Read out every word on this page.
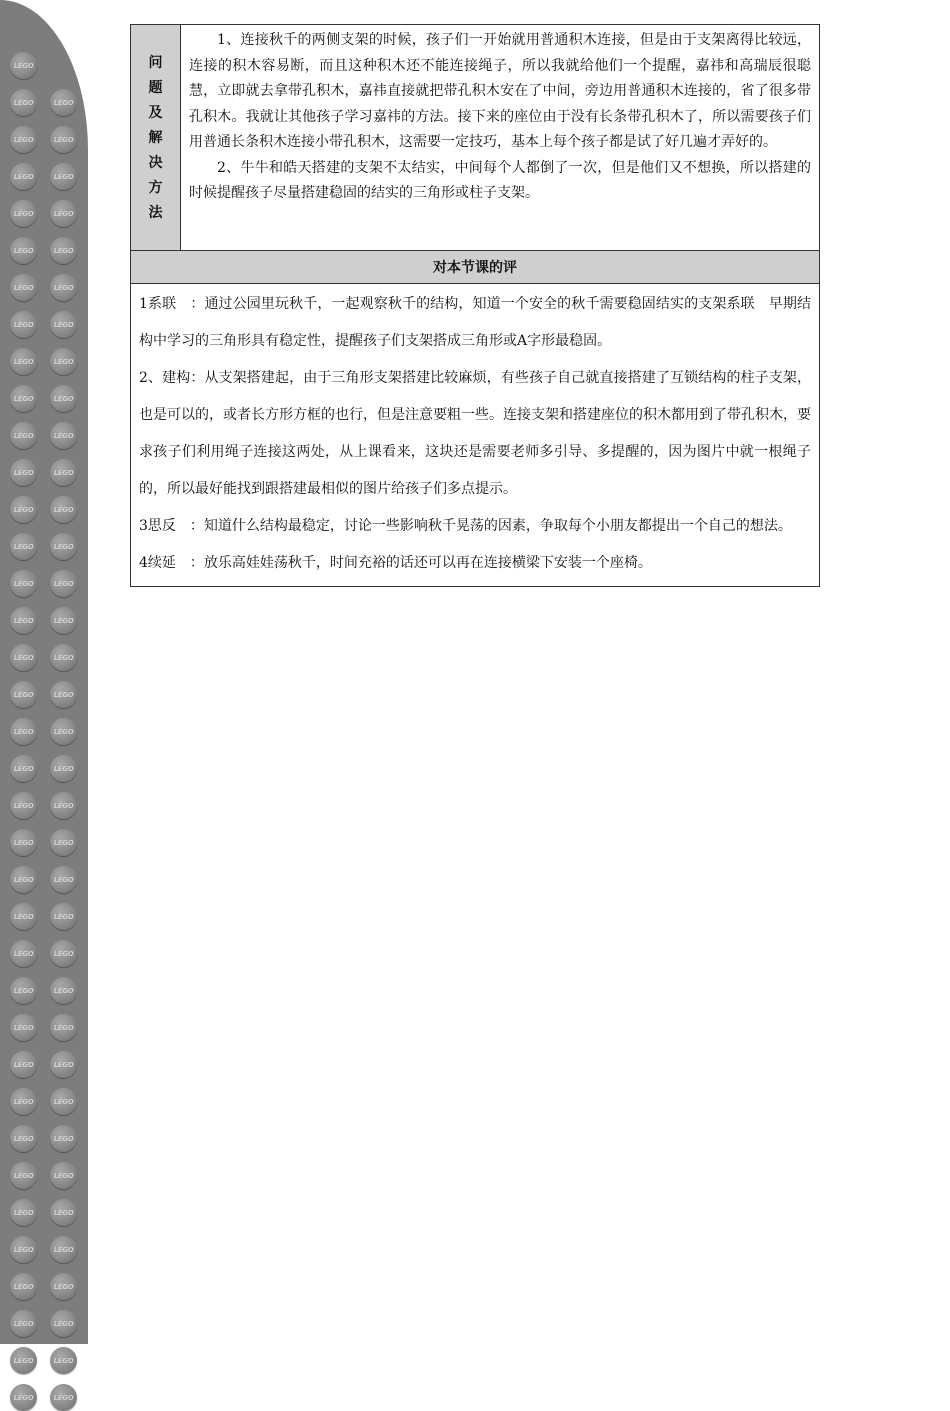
LEGO
LEGO	LEGO
LEGO	LEGO
LEGO	LEGO
LEGO	LEGO
LEGO	LEGO
LEGO	LEGO
LEGO	LEGO
LEGO	LEGO
LEGO	LEGO
LEGO	LEGO
LEGO	LEGO
LEGO	LEGO
LEGO	LEGO
LEGO	LEGO
LEGO	LEGO
LEGO	LEGO
LEGO	LEGO
LEGO	LEGO
LEGO	LEGO
LEGO	LEGO
LEGO	LEGO
LEGO	LEGO
LEGO	LEGO
LEGO	LEGO
LEGO	LEGO
LEGO	LEGO
LEGO	LEGO
LEGO	LEGO
LEGO	LEGO
LEGO	LEGO
LEGO	LEGO
LEGO	LEGO
LEGO	LEGO
LEGO	LEGO
LEGO	LEGO
LEGO	LEGO
问
题
及
解
决
方
法

1、连接秋千的两侧支架的时候，孩子们一开始就用普通积木连接，但是由于支架离得比较远，连接的积木容易断，而且这种积木还不能连接绳子，所以我就给他们一个提醒，嘉祎和高瑞辰很聪慧，立即就去拿带孔积木，嘉祎直接就把带孔积木安在了中间，旁边用普通积木连接的，省了很多带孔积木。我就让其他孩子学习嘉祎的方法。接下来的座位由于没有长条带孔积木了，所以需要孩子们用普通长条积木连接小带孔积木，这需要一定技巧，基本上每个孩子都是试了好几遍才弄好的。

2、牛牛和皓天搭建的支架不太结实，中间每个人都倒了一次，但是他们又不想换，所以搭建的时候提醒孩子尽量搭建稳固的结实的三角形或柱子支架。

对本节课的评

1系联　：通过公园里玩秋千，一起观察秋千的结构，知道一个安全的秋千需要稳固结实的支架系联　早期结构中学习的三角形具有稳定性，提醒孩子们支架搭成三角形或A字形最稳固。

2、建构：从支架搭建起，由于三角形支架搭建比较麻烦，有些孩子自己就直接搭建了互锁结构的柱子支架，也是可以的，或者长方形方框的也行，但是注意要粗一些。连接支架和搭建座位的积木都用到了带孔积木，要求孩子们利用绳子连接这两处，从上课看来，这块还是需要老师多引导、多提醒的，因为图片中就一根绳子的，所以最好能找到跟搭建最相似的图片给孩子们多点提示。

3思反　：知道什么结构最稳定，讨论一些影响秋千晃荡的因素，争取每个小朋友都提出一个自己的想法。

4续延　：放乐高娃娃荡秋千，时间充裕的话还可以再在连接横梁下安装一个座椅。
